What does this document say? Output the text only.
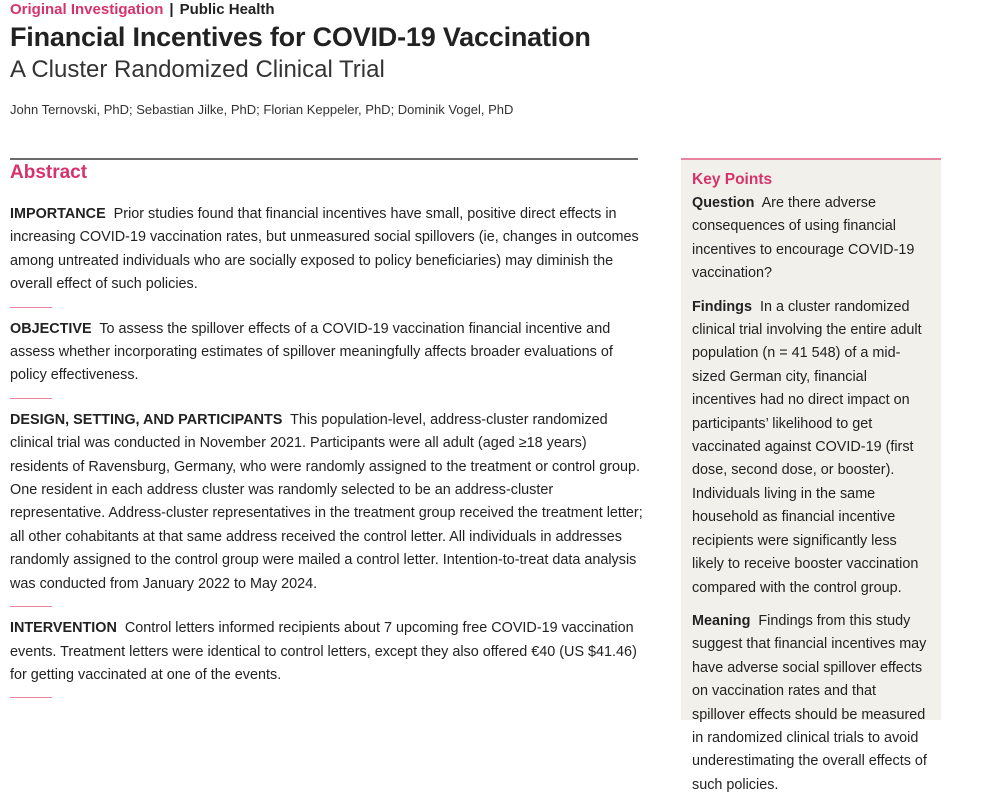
Original Investigation | Public Health
Financial Incentives for COVID-19 Vaccination
A Cluster Randomized Clinical Trial
John Ternovski, PhD; Sebastian Jilke, PhD; Florian Keppeler, PhD; Dominik Vogel, PhD
Abstract

IMPORTANCE Prior studies found that financial incentives have small, positive direct effects in increasing COVID-19 vaccination rates, but unmeasured social spillovers (ie, changes in outcomes among untreated individuals who are socially exposed to policy beneficiaries) may diminish the overall effect of such policies.

OBJECTIVE To assess the spillover effects of a COVID-19 vaccination financial incentive and assess whether incorporating estimates of spillover meaningfully affects broader evaluations of policy effectiveness.

DESIGN, SETTING, AND PARTICIPANTS This population-level, address-cluster randomized clinical trial was conducted in November 2021. Participants were all adult (aged ≥18 years) residents of Ravensburg, Germany, who were randomly assigned to the treatment or control group. One resident in each address cluster was randomly selected to be an address-cluster representative. Address-cluster representatives in the treatment group received the treatment letter; all other cohabitants at that same address received the control letter. All individuals in addresses randomly assigned to the control group were mailed a control letter. Intention-to-treat data analysis was conducted from January 2022 to May 2024.

INTERVENTION Control letters informed recipients about 7 upcoming free COVID-19 vaccination events. Treatment letters were identical to control letters, except they also offered €40 (US $41.46) for getting vaccinated at one of the events.

Key Points

Question Are there adverse consequences of using financial incentives to encourage COVID-19 vaccination?

Findings In a cluster randomized clinical trial involving the entire adult population (n = 41 548) of a mid-sized German city, financial incentives had no direct impact on participants’ likelihood to get vaccinated against COVID-19 (first dose, second dose, or booster). Individuals living in the same household as financial incentive recipients were significantly less likely to receive booster vaccination compared with the control group.

Meaning Findings from this study suggest that financial incentives may have adverse social spillover effects on vaccination rates and that spillover effects should be measured in randomized clinical trials to avoid underestimating the overall effects of such policies.
